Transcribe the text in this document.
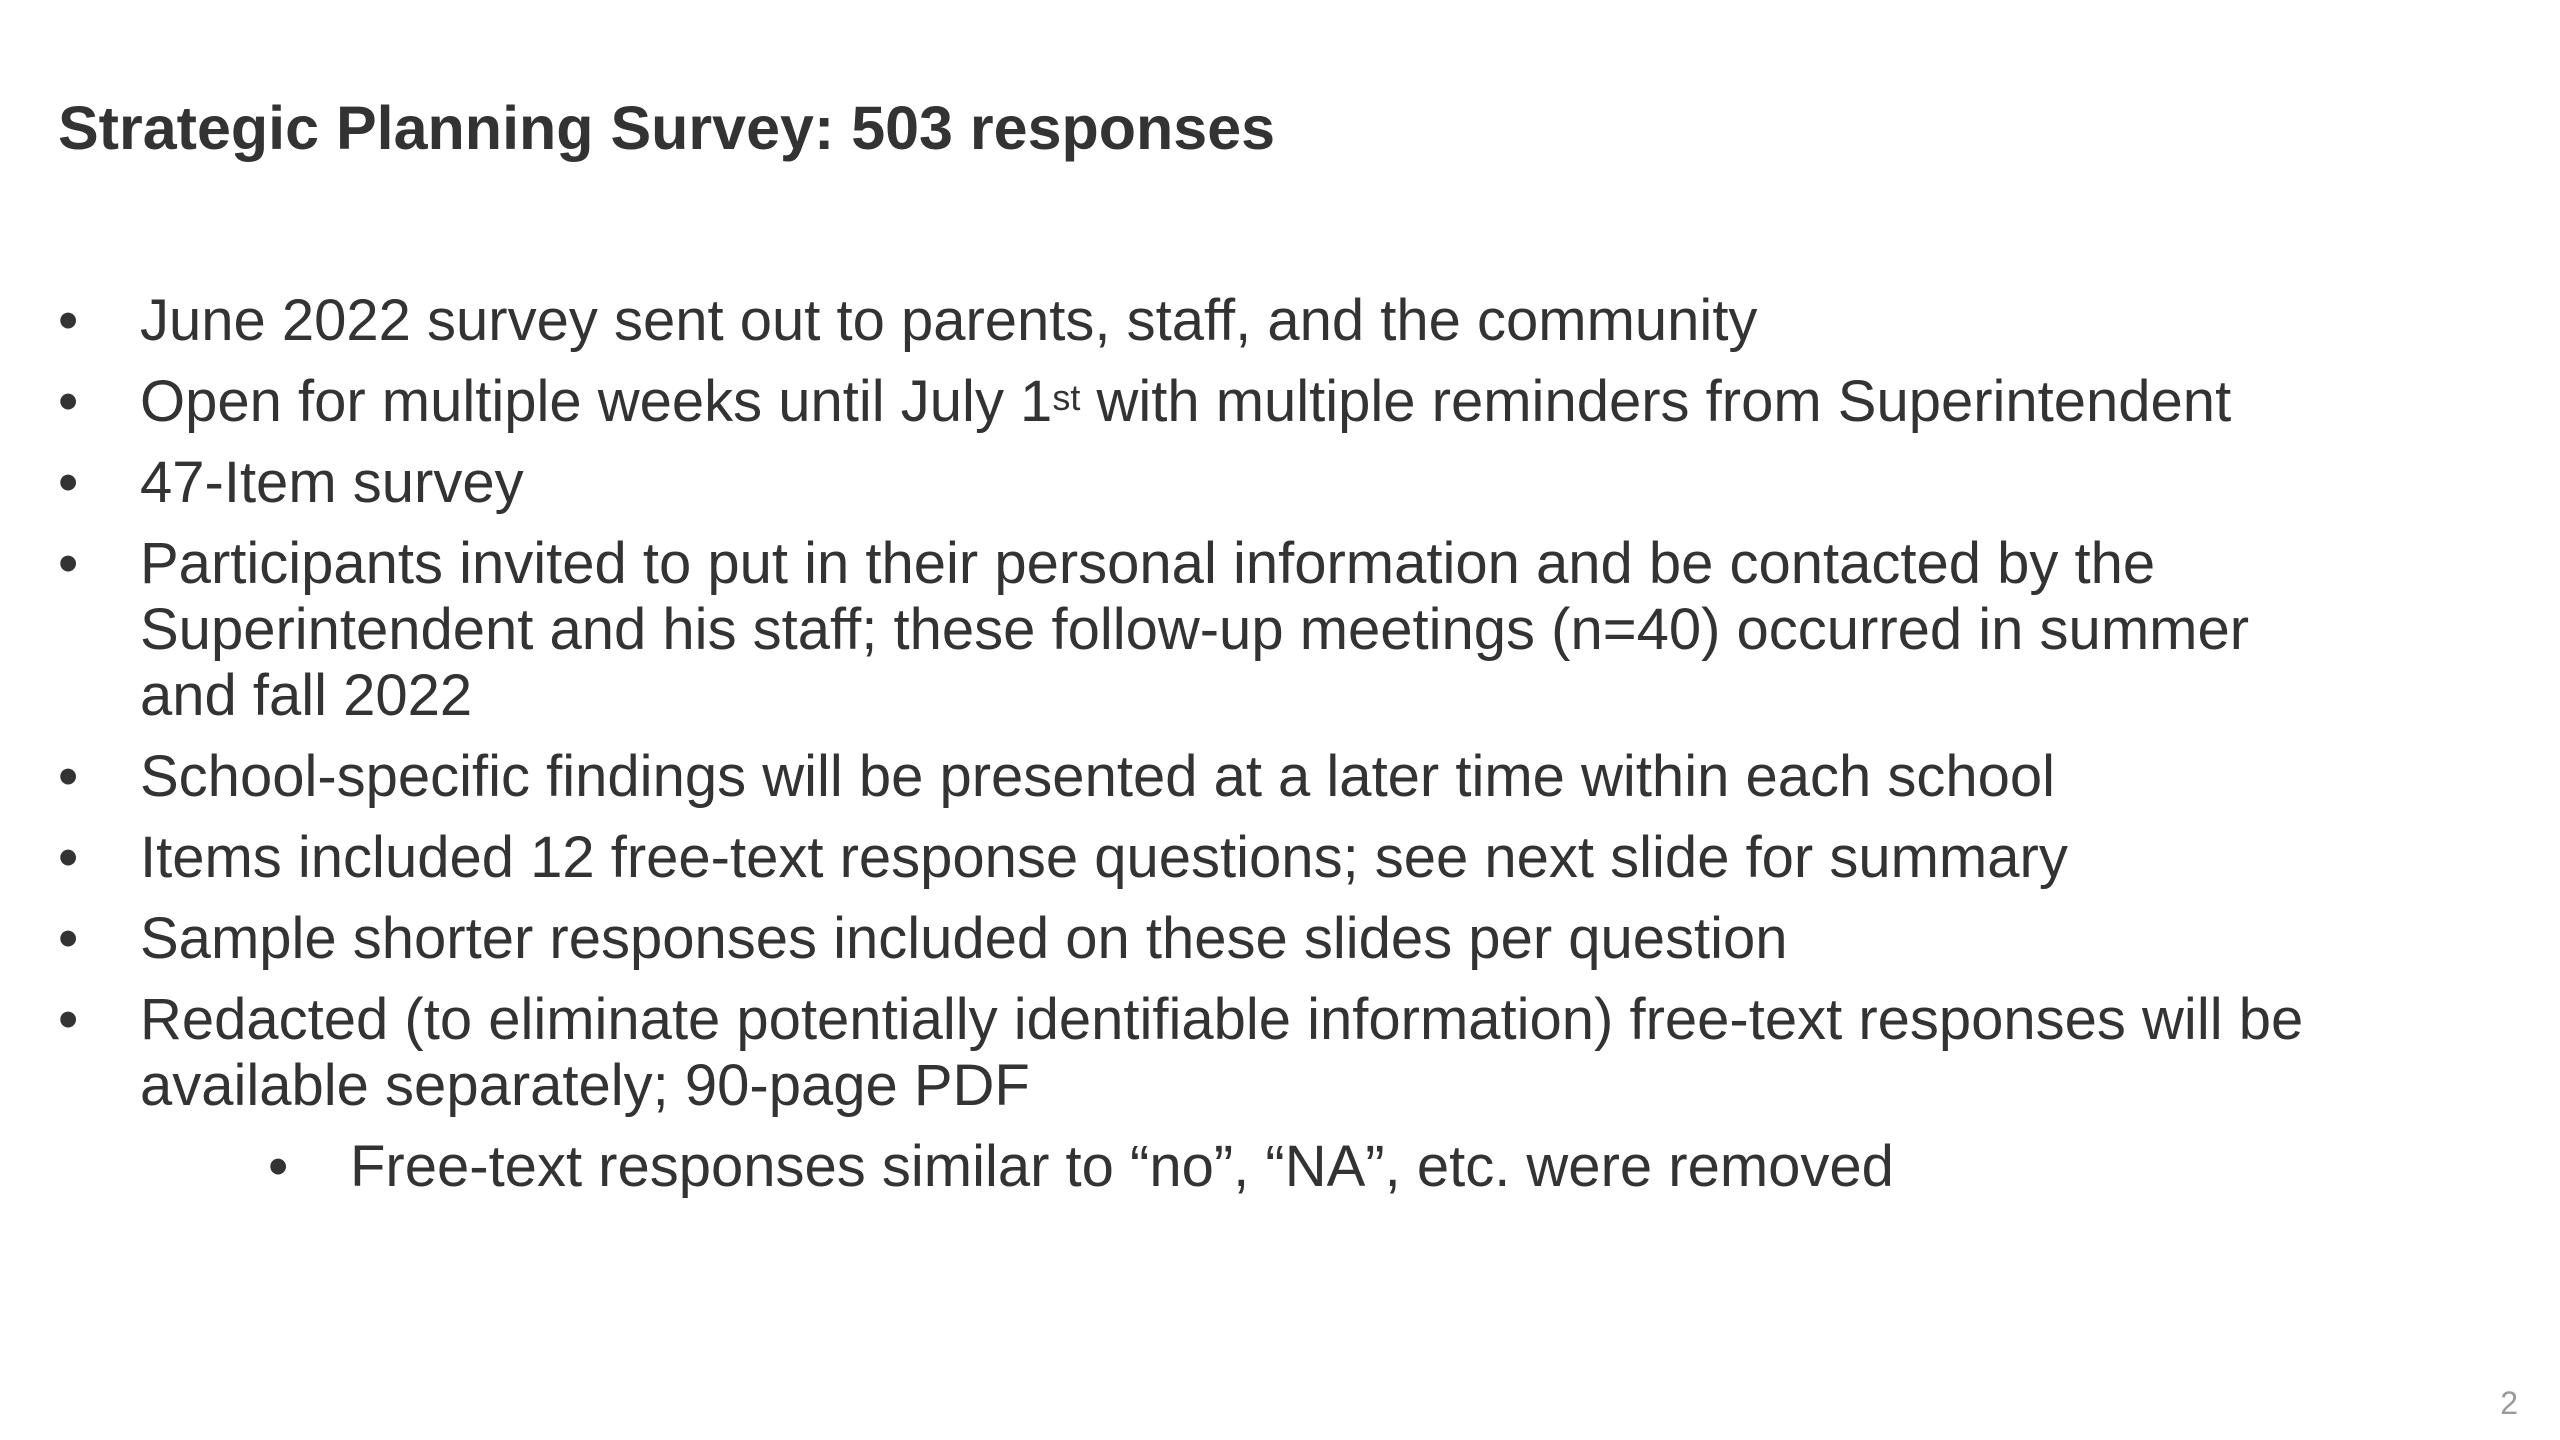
Strategic Planning Survey: 503 responses
• June 2022 survey sent out to parents, staff, and the community
• Open for multiple weeks until July 1st with multiple reminders from Superintendent
• 47-Item survey
• Participants invited to put in their personal information and be contacted by the Superintendent and his staff; these follow-up meetings (n=40) occurred in summer and fall 2022
• School-specific findings will be presented at a later time within each school
• Items included 12 free-text response questions; see next slide for summary
• Sample shorter responses included on these slides per question
• Redacted (to eliminate potentially identifiable information) free-text responses will be available separately; 90-page PDF
• Free-text responses similar to “no”, “NA”, etc. were removed
2
